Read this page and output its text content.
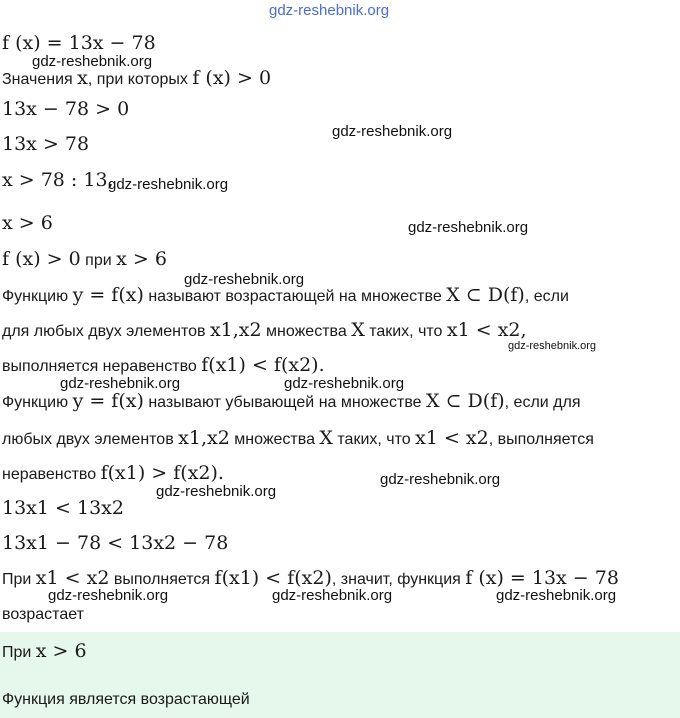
gdz-reshebnik.org
gdz-reshebnik.org
gdz-reshebnik.org
gdz-reshebnik.org
gdz-reshebnik.org
gdz-reshebnik.org
gdz-reshebnik.org
gdz-reshebnik.org	gdz-reshebnik.org
gdz-reshebnik.org
gdz-reshebnik.org
gdz-reshebnik.org	gdz-reshebnik.org	gdz-reshebnik.org
f (x) = 13x − 78
Значения x, при которых f (x) > 0
13x − 78 > 0
13x > 78
x > 78 : 13,
x > 6
f (x) > 0 при x > 6
Функцию y = f(x) называют возрастающей на множестве X ⊂ D(f), если
для любых двух элементов x1,x2 множества X таких, что x1 < x2,
выполняется неравенство f(x1) < f(x2).
Функцию y = f(x) называют убывающей на множестве X ⊂ D(f), если для
любых двух элементов x1,x2 множества X таких, что x1 < x2, выполняется
неравенство f(x1) > f(x2).
13x1 < 13x2
13x1 − 78 < 13x2 − 78
При x1 < x2 выполняется f(x1) < f(x2), значит, функция f (x) = 13x − 78
возрастает
При x > 6
Функция является возрастающей
